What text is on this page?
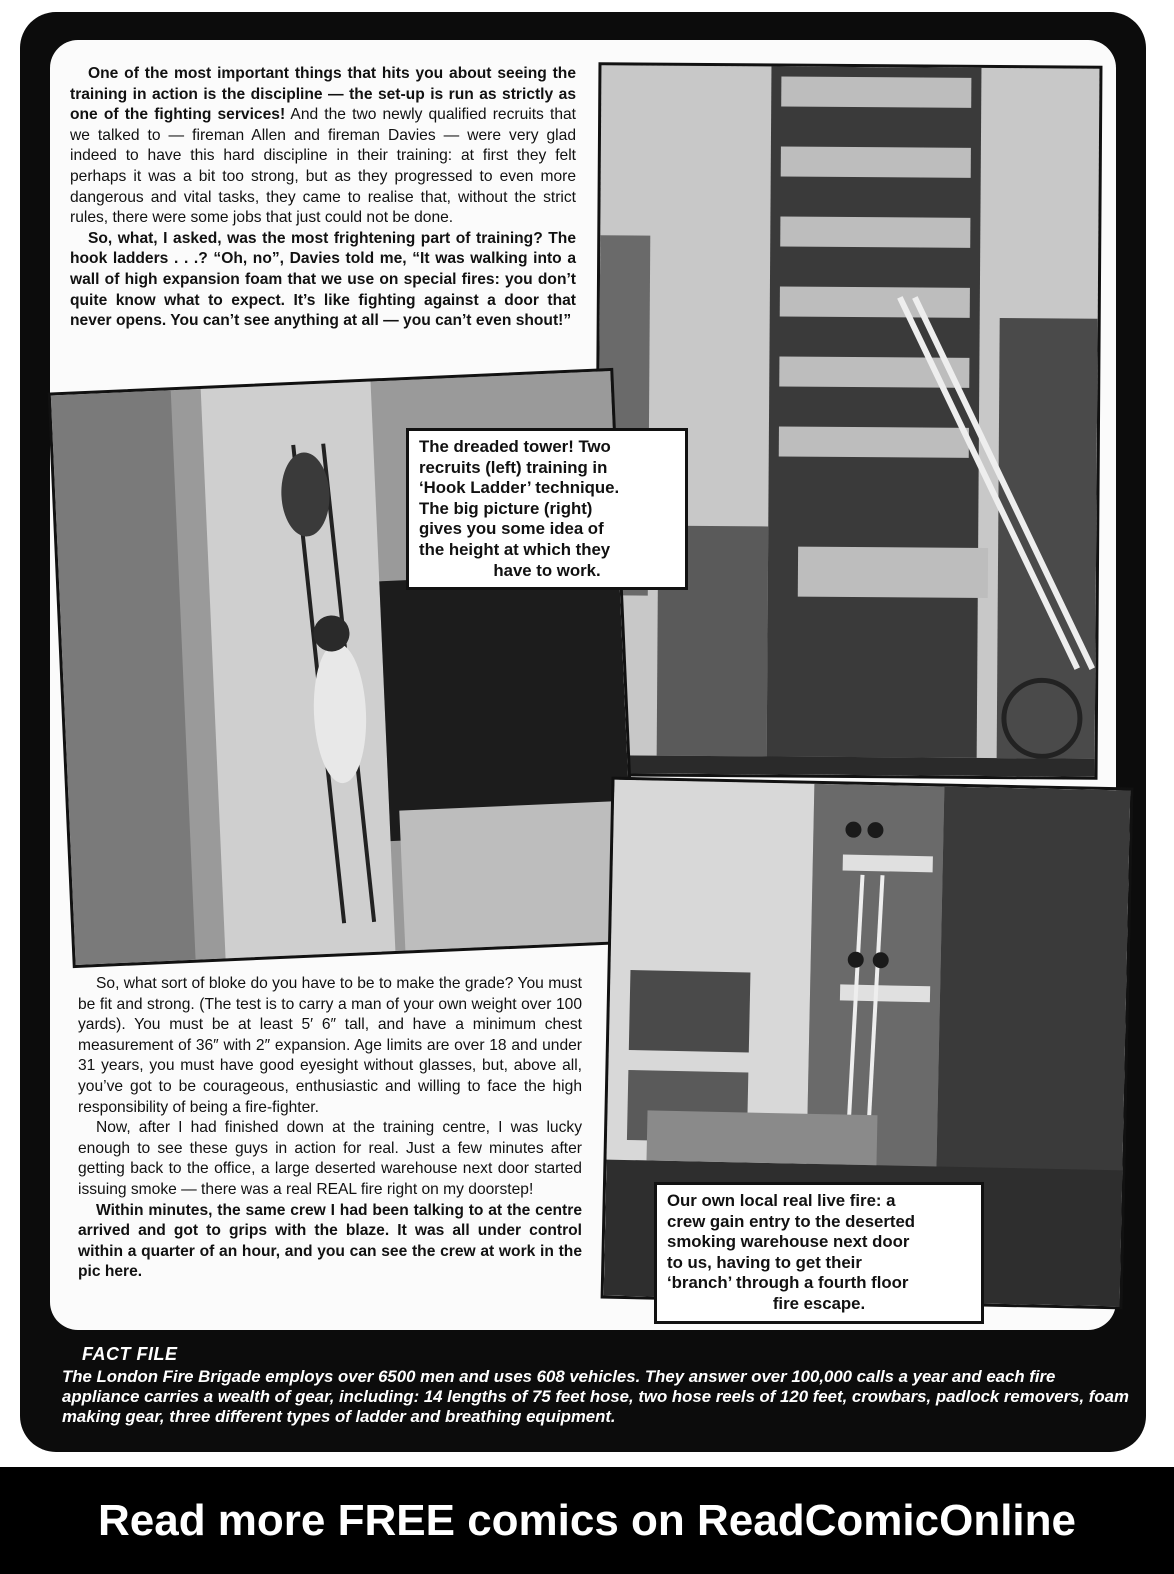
One of the most important things that hits you about seeing the training in action is the discipline — the set-up is run as strictly as one of the fighting services! And the two newly qualified recruits that we talked to — fireman Allen and fireman Davies — were very glad indeed to have this hard discipline in their training: at first they felt perhaps it was a bit too strong, but as they progressed to even more dangerous and vital tasks, they came to realise that, without the strict rules, there were some jobs that just could not be done.

So, what, I asked, was the most frightening part of training? The hook ladders . . .? “Oh, no”, Davies told me, “It was walking into a wall of high expansion foam that we use on special fires: you don’t quite know what to expect. It’s like fighting against a door that never opens. You can’t see anything at all — you can’t even shout!”

The dreaded tower! Two
recruits (left) training in
‘Hook Ladder’ technique.
The big picture (right)
gives you some idea of
the height at which they
have to work.
Our own local real live fire: a
crew gain entry to the deserted
smoking warehouse next door
to us, having to get their
‘branch’ through a fourth floor
fire escape.

So, what sort of bloke do you have to be to make the grade? You must be fit and strong. (The test is to carry a man of your own weight over 100 yards). You must be at least 5′ 6″ tall, and have a minimum chest measurement of 36″ with 2″ expansion. Age limits are over 18 and under 31 years, you must have good eyesight without glasses, but, above all, you’ve got to be courageous, enthusiastic and willing to face the high responsibility of being a fire-fighter.

Now, after I had finished down at the training centre, I was lucky enough to see these guys in action for real. Just a few minutes after getting back to the office, a large deserted warehouse next door started issuing smoke — there was a real REAL fire right on my doorstep!

Within minutes, the same crew I had been talking to at the centre arrived and got to grips with the blaze. It was all under control within a quarter of an hour, and you can see the crew at work in the pic here.

FACT FILE
The London Fire Brigade employs over 6500 men and uses 608 vehicles. They answer over 100,000 calls a year and each fire appliance carries a wealth of gear, including: 14 lengths of 75 feet hose, two hose reels of 120 feet, crowbars, padlock removers, foam making gear, three different types of ladder and breathing equipment.
Read more FREE comics on ReadComicOnline
